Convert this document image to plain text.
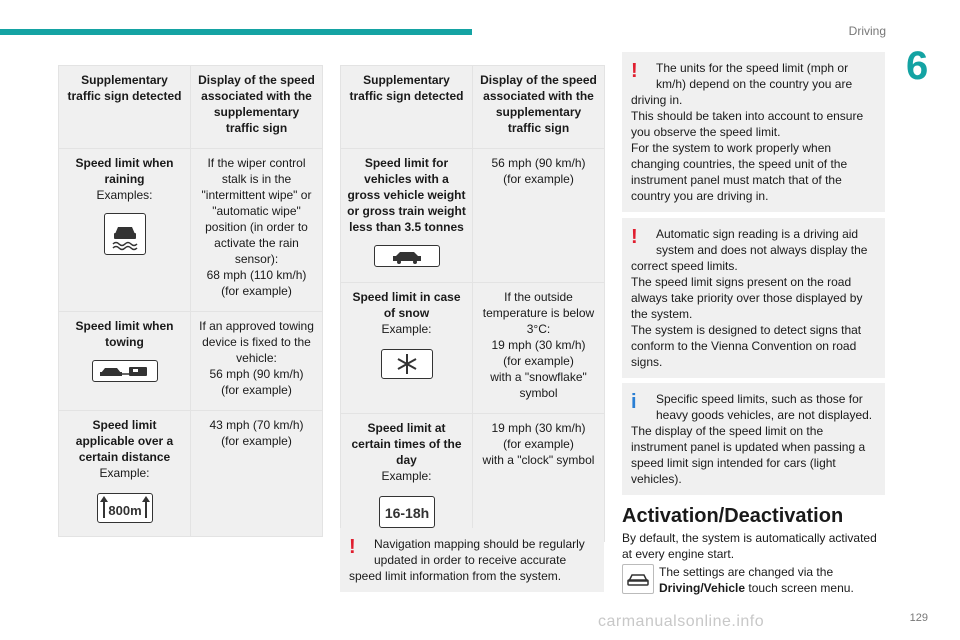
Driving
6
Supplementary traffic sign detected	Display of the speed associated with the supplementary traffic sign

Speed limit when raining
Examples:	If the wiper control stalk is in the "intermittent wipe" or "automatic wipe" position (in order to activate the rain sensor):
68 mph (110 km/h)
(for example)

Speed limit when towing	If an approved towing device is fixed to the vehicle:
56 mph (90 km/h)
(for example)

Speed limit applicable over a certain distance
Example:

800m	43 mph (70 km/h)
(for example)
Supplementary traffic sign detected	Display of the speed associated with the supplementary traffic sign

Speed limit for vehicles with a gross vehicle weight or gross train weight less than 3.5 tonnes	56 mph (90 km/h)
(for example)

Speed limit in case of snow
Example:	If the outside temperature is below 3°C:
19 mph (30 km/h)
(for example)
with a "snowflake" symbol

Speed limit at certain times of the day
Example:

16-18h	19 mph (30 km/h)
(for example)
with a "clock" symbol
!	Navigation mapping should be regularly updated in order to receive accurate
speed limit information from the system.
!	The units for the speed limit (mph or km/h) depend on the country you are
driving in.
This should be taken into account to ensure you observe the speed limit.
For the system to work properly when changing countries, the speed unit of the instrument panel must match that of the country you are driving in.
!	Automatic sign reading is a driving aid system and does not always display the
correct speed limits.
The speed limit signs present on the road always take priority over those displayed by the system.
The system is designed to detect signs that conform to the Vienna Convention on road signs.
i	Specific speed limits, such as those for heavy goods vehicles, are not displayed.
The display of the speed limit on the instrument panel is updated when passing a speed limit sign intended for cars (light vehicles).
Activation/Deactivation
By default, the system is automatically activated at every engine start.
The settings are changed via the
Driving/Vehicle touch screen menu.
carmanualsonline.info	129
